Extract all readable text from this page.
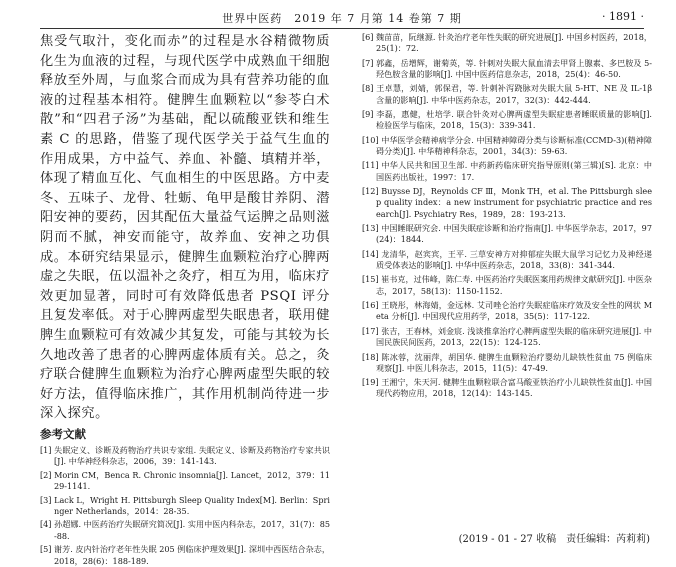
世界中医药　2019 年 7 月第 14 卷第 7 期	· 1891 ·

焦受气取汁，变化而赤”的过程是水谷精微物质化生为血液的过程，与现代医学中成熟血干细胞释放至外周，与血浆合而成为具有营养功能的血液的过程基本相符。健脾生血颗粒以“参苓白术散”和“四君子汤”为基础，配以硫酸亚铁和维生素 C 的思路，借鉴了现代医学关于益气生血的作用成果，方中益气、养血、补髓、填精并举，体现了精血互化、气血相生的中医思路。方中麦冬、五味子、龙骨、牡蛎、龟甲是酸甘养阴、潜阳安神的要药，因其配伍大量益气运脾之品则滋阴而不腻，神安而能守，故养血、安神之功俱成。本研究结果显示，健脾生血颗粒治疗心脾两虚之失眠，伍以温补之灸疗，相互为用，临床疗效更加显著，同时可有效降低患者 PSQI 评分且复发率低。对于心脾两虚型失眠患者，联用健脾生血颗粒可有效减少其复发，可能与其较为长久地改善了患者的心脾两虚体质有关。总之，灸疗联合健脾生血颗粒为治疗心脾两虚型失眠的较好方法，值得临床推广，其作用机制尚待进一步深入探究。

参考文献
[1] 失眠定义、诊断及药物治疗共识专家组. 失眠定义、诊断及药物治疗专家共识[J]. 中华神经科杂志，2006，39：141-143.
[2] Morin CM，Benca R. Chronic insomnia[J]. Lancet，2012，379：1129-1141.
[3] Lack L，Wright H. Pittsburgh Sleep Quality Index[M]. Berlin：Springer Netherlands，2014：28-35.
[4] 孙超娜. 中医药治疗失眠研究简况[J]. 实用中医内科杂志，2017，31(7)：85-88.
[5] 谢芳. 皮内针治疗老年性失眠 205 例临床护理效果[J]. 深圳中西医结合杂志，2018，28(6)：188-189.
[6] 魏苗苗，阮继源. 针灸治疗老年性失眠的研究进展[J]. 中国乡村医药，2018，25(1)：72.
[7] 郭鑫，岳增辉，谢菊英，等. 针刺对失眠大鼠血清去甲肾上腺素、多巴胺及 5-羟色胺含量的影响[J]. 中国中医药信息杂志，2018，25(4)：46-50.
[8] 王卓慧，刘婧，郭保君，等. 针刺补泻跷脉对失眠大鼠 5-HT、NE 及 IL-1β 含量的影响[J]. 中华中医药杂志，2017，32(3)：442-444.
[9] 李磊，惠健，杜培学. 联合针灸对心脾两虚型失眠症患者睡眠质量的影响[J]. 检验医学与临床，2018，15(3)：339-341.
[10] 中华医学会精神病学分会. 中国精神障碍分类与诊断标准(CCMD-3)(精神障碍分类)[J]. 中华精神科杂志，2001，34(3)：59-63.
[11] 中华人民共和国卫生部. 中药新药临床研究指导原则(第三辑)[S]. 北京：中国医药出版社，1997：17.
[12] Buysse DJ，Reynolds CF Ⅲ，Monk TH，et al. The Pittsburgh sleep quality index：a new instrument for psychiatric practice and research[J]. Psychiatry Res，1989，28：193-213.
[13] 中国睡眠研究会. 中国失眠症诊断和治疗指南[J]. 中华医学杂志，2017，97(24)：1844.
[14] 龙清华，赵宾宾，王平. 三草安神方对抑郁症失眠大鼠学习记忆力及神经递质受体表达的影响[J]. 中华中医药杂志，2018，33(8)：341-344.
[15] 崔书克，过伟峰，陈仁寿. 中医药治疗失眠医案用药规律文献研究[J]. 中医杂志，2017，58(13)：1150-1152.
[16] 王晓彤，林海婧，金远林. 艾司唑仑治疗失眠症临床疗效及安全性的网状 Meta 分析[J]. 中国现代应用药学，2018，35(5)：117-122.
[17] 张吉，王春林，刘金宸. 浅谈推拿治疗心脾两虚型失眠的临床研究进展[J]. 中国民族民间医药，2013，22(15)：124-125.
[18] 陈冰蓉，沈丽萍，胡国华. 健脾生血颗粒治疗婴幼儿缺铁性贫血 75 例临床观察[J]. 中医儿科杂志，2015，11(5)：47-49.
[19] 王湘宁，朱天河. 健脾生血颗粒联合富马酸亚铁治疗小儿缺铁性贫血[J]. 中国现代药物应用，2018，12(14)：143-145.
(2019 - 01 - 27 收稿　责任编辑：芮莉莉)
